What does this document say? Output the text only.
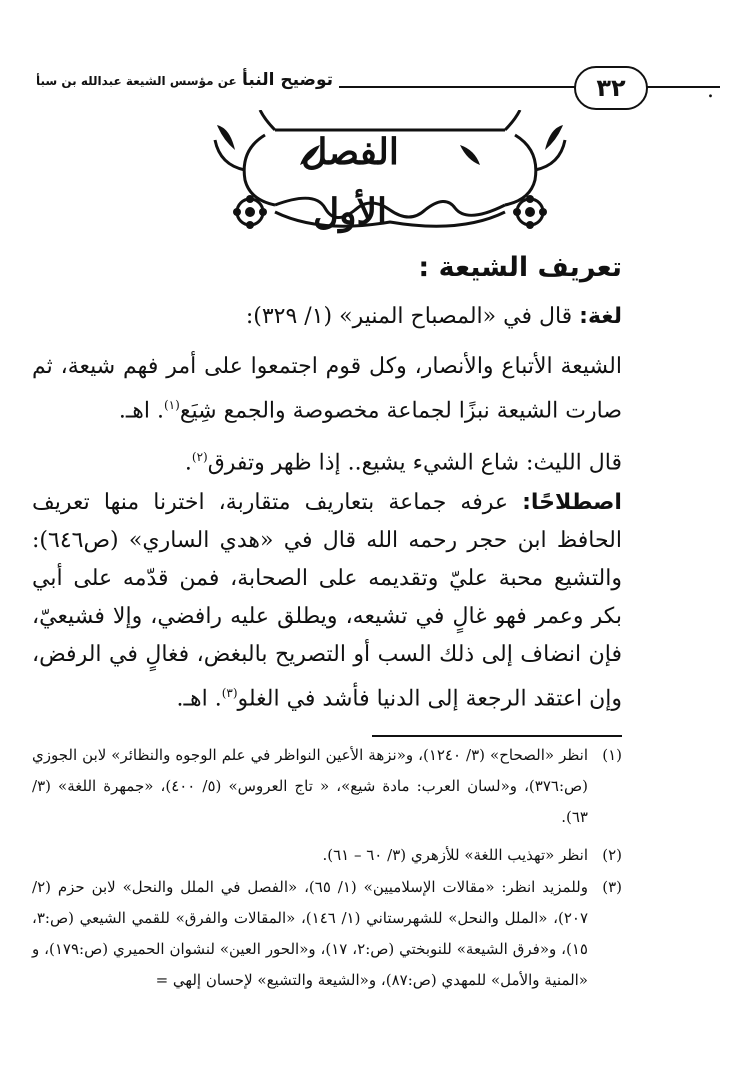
توضيح النبأ عن مؤسس الشيعة عبدالله بن سبأ	٣٢	.
الفصل الأول
تعريف الشيعة :
لغة: قال في «المصباح المنير» (١/ ٣٢٩):
الشيعة الأتباع والأنصار، وكل قوم اجتمعوا على أمر فهم شيعة، ثم صارت الشيعة نبزًا لجماعة مخصوصة والجمع شِيَع$^{(١)}$. اهـ.
قال الليث: شاع الشيء يشيع.. إذا ظهر وتفرق$^{(٢)}$.
اصطلاحًا: عرفه جماعة بتعاريف متقاربة، اخترنا منها تعريف الحافظ ابن حجر رحمه الله قال في «هدي الساري» (ص٦٤٦): والتشيع محبة عليّ وتقديمه على الصحابة، فمن قدّمه على أبي بكر وعمر فهو غالٍ في تشيعه، ويطلق عليه رافضي، وإلا فشيعيّ، فإن انضاف إلى ذلك السب أو التصريح بالبغض، فغالٍ في الرفض، وإن اعتقد الرجعة إلى الدنيا فأشد في الغلو$^{(٣)}$. اهـ.
(١)
انظر «الصحاح» (٣/ ١٢٤٠)، و«نزهة الأعين النواظر في علم الوجوه والنظائر» لابن الجوزي (ص:٣٧٦)، و«لسان العرب: مادة شيع»، « تاج العروس» (٥/ ٤٠٠)، «جمهرة اللغة» (٣/ ٦٣).
(٢)
انظر «تهذيب اللغة» للأزهري (٣/ ٦٠ – ٦١).
(٣)
وللمزيد انظر: «مقالات الإسلاميين» (١/ ٦٥)، «الفصل في الملل والنحل» لابن حزم (٢/ ٢٠٧)، «الملل والنحل» للشهرستاني (١/ ١٤٦)، «المقالات والفرق» للقمي الشيعي (ص:٣، ١٥)، و«فرق الشيعة» للنوبختي (ص:٢، ١٧)، و«الحور العين» لنشوان الحميري (ص:١٧٩)، و «المنية والأمل» للمهدي (ص:٨٧)، و«الشيعة والتشيع» لإحسان إلهي =
